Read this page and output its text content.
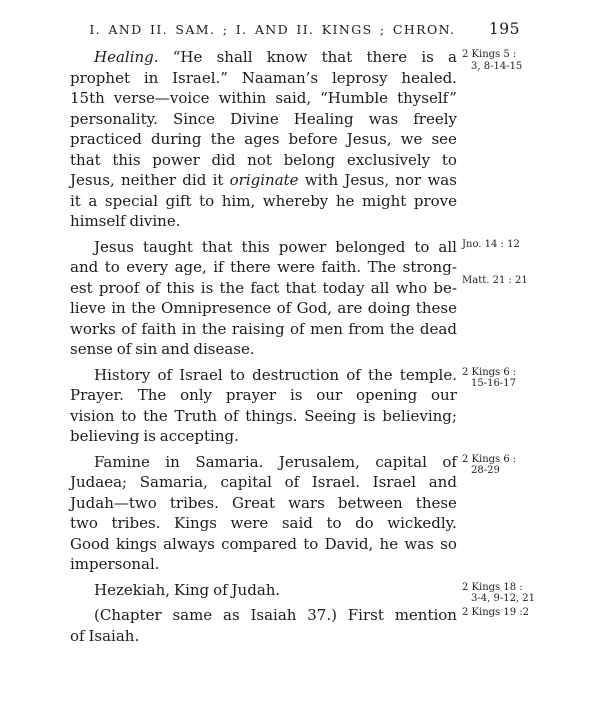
I. AND II. SAM. ; I. AND II. KINGS ; CHRON.	195
Healing. “He shall know that there is a
prophet in Israel.” Naaman’s leprosy healed.
15th verse—voice within said, “Humble thyself”
personality. Since Divine Healing was freely
practiced during the ages before Jesus, we see
that this power did not belong exclusively to
Jesus, neither did it originate with Jesus, nor was
it a special gift to him, whereby he might prove
himself divine.
2 Kings 5 :
3, 8-14-15
Jesus taught that this power belonged to all
and to every age, if there were faith. The strong-
est proof of this is the fact that today all who be-
lieve in the Omnipresence of God, are doing these
works of faith in the raising of men from the dead
sense of sin and disease.
Jno. 14 : 12
Matt. 21 : 21
History of Israel to destruction of the temple.
Prayer. The only prayer is our opening our
vision to the Truth of things. Seeing is believing;
believing is accepting.
2 Kings 6 :
15-16-17
Famine in Samaria. Jerusalem, capital of
Judaea; Samaria, capital of Israel. Israel and
Judah—two tribes. Great wars between these
two tribes. Kings were said to do wickedly.
Good kings always compared to David, he was so
impersonal.
2 Kings 6 :
28-29
Hezekiah, King of Judah.	2 Kings 18 :
3-4, 9-12, 21
(Chapter same as Isaiah 37.) First mention
of Isaiah.
2 Kings 19 :2
